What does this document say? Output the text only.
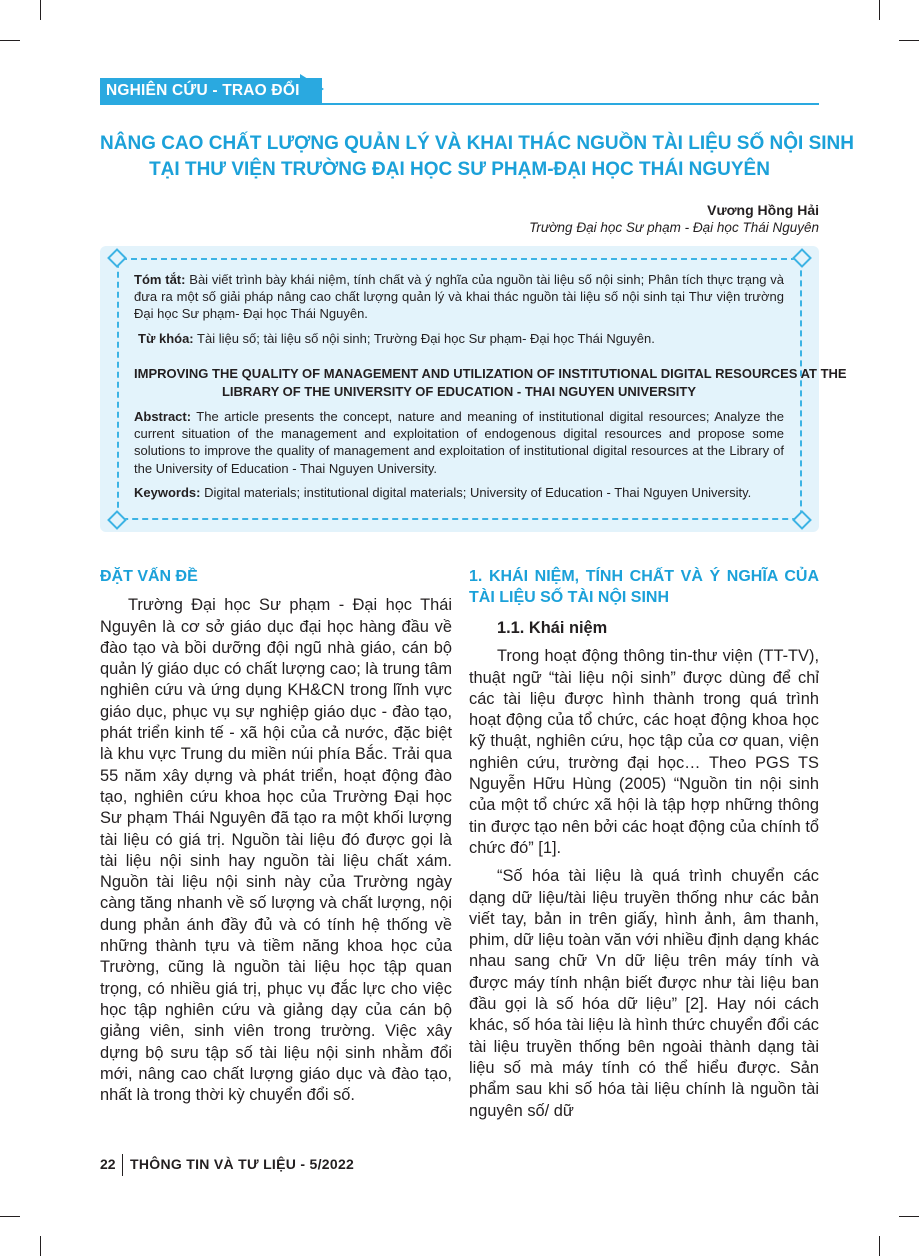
NGHIÊN CỨU - TRAO ĐỔI
NÂNG CAO CHẤT LƯỢNG QUẢN LÝ VÀ KHAI THÁC NGUỒN TÀI LIỆU SỐ NỘI SINH
TẠI THƯ VIỆN TRƯỜNG ĐẠI HỌC SƯ PHẠM-ĐẠI HỌC THÁI NGUYÊN
Vương Hồng Hải
Trường Đại học Sư phạm - Đại học Thái Nguyên
Tóm tắt: Bài viết trình bày khái niệm, tính chất và ý nghĩa của nguồn tài liệu số nội sinh; Phân tích thực trạng và đưa ra một số giải pháp nâng cao chất lượng quản lý và khai thác nguồn tài liệu số nội sinh tại Thư viện trường Đại học Sư phạm- Đại học Thái Nguyên.
Từ khóa: Tài liệu số; tài liệu số nội sinh; Trường Đại học Sư phạm- Đại học Thái Nguyên.
IMPROVING THE QUALITY OF MANAGEMENT AND UTILIZATION OF INSTITUTIONAL DIGITAL RESOURCES AT THE
LIBRARY OF THE UNIVERSITY OF EDUCATION - THAI NGUYEN UNIVERSITY
Abstract: The article presents the concept, nature and meaning of institutional digital resources; Analyze the current situation of the management and exploitation of endogenous digital resources and propose some solutions to improve the quality of management and exploitation of institutional digital resources at the Library of the University of Education - Thai Nguyen University.
Keywords: Digital materials; institutional digital materials; University of Education - Thai Nguyen University.
ĐẶT VẤN ĐỀ

Trường Đại học Sư phạm - Đại học Thái Nguyên là cơ sở giáo dục đại học hàng đầu về đào tạo và bồi dưỡng đội ngũ nhà giáo, cán bộ quản lý giáo dục có chất lượng cao; là trung tâm nghiên cứu và ứng dụng KH&CN trong lĩnh vực giáo dục, phục vụ sự nghiệp giáo dục - đào tạo, phát triển kinh tế - xã hội của cả nước, đặc biệt là khu vực Trung du miền núi phía Bắc. Trải qua 55 năm xây dựng và phát triển, hoạt động đào tạo, nghiên cứu khoa học của Trường Đại học Sư phạm Thái Nguyên đã tạo ra một khối lượng tài liệu có giá trị. Nguồn tài liệu đó được gọi là tài liệu nội sinh hay nguồn tài liệu chất xám. Nguồn tài liệu nội sinh này của Trường ngày càng tăng nhanh về số lượng và chất lượng, nội dung phản ánh đầy đủ và có tính hệ thống về những thành tựu và tiềm năng khoa học của Trường, cũng là nguồn tài liệu học tập quan trọng, có nhiều giá trị, phục vụ đắc lực cho việc học tập nghiên cứu và giảng dạy của cán bộ giảng viên, sinh viên trong trường. Việc xây dựng bộ sưu tập số tài liệu nội sinh nhằm đổi mới, nâng cao chất lượng giáo dục và đào tạo, nhất là trong thời kỳ chuyển đổi số.

1. KHÁI NIỆM, TÍNH CHẤT VÀ Ý NGHĨA CỦA TÀI LIỆU SỐ TÀI NỘI SINH
1.1. Khái niệm

Trong hoạt động thông tin-thư viện (TT-TV), thuật ngữ “tài liệu nội sinh” được dùng để chỉ các tài liệu được hình thành trong quá trình hoạt động của tổ chức, các hoạt động khoa học kỹ thuật, nghiên cứu, học tập của cơ quan, viện nghiên cứu, trường đại học… Theo PGS TS Nguyễn Hữu Hùng (2005) “Nguồn tin nội sinh của một tổ chức xã hội là tập hợp những thông tin được tạo nên bởi các hoạt động của chính tổ chức đó” [1].

“Số hóa tài liệu là quá trình chuyển các dạng dữ liệu/tài liệu truyền thống như các bản viết tay, bản in trên giấy, hình ảnh, âm thanh, phim, dữ liệu toàn văn với nhiều định dạng khác nhau sang chữ Vn dữ liệu trên máy tính và được máy tính nhận biết được như tài liệu ban đầu gọi là số hóa dữ liệu” [2]. Hay nói cách khác, số hóa tài liệu là hình thức chuyển đổi các tài liệu truyền thống bên ngoài thành dạng tài liệu số mà máy tính có thể hiểu được. Sản phẩm sau khi số hóa tài liệu chính là nguồn tài nguyên số/ dữ

22 THÔNG TIN VÀ TƯ LIỆU - 5/2022
